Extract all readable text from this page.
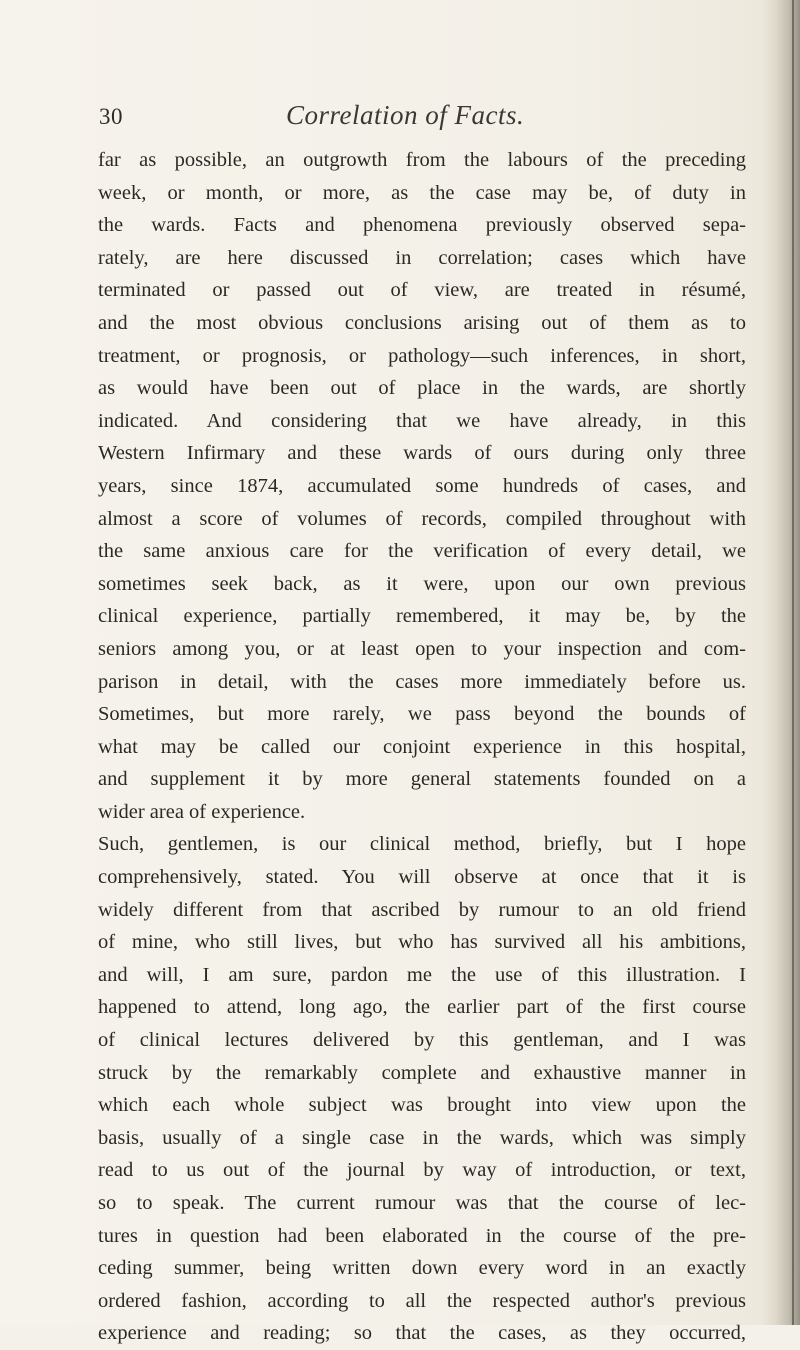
30	Correlation of Facts.
far as possible, an outgrowth from the labours of the preceding
week, or month, or more, as the case may be, of duty in
the wards. Facts and phenomena previously observed sepa-
rately, are here discussed in correlation; cases which have
terminated or passed out of view, are treated in résumé,
and the most obvious conclusions arising out of them as to
treatment, or prognosis, or pathology—such inferences, in short,
as would have been out of place in the wards, are shortly
indicated. And considering that we have already, in this
Western Infirmary and these wards of ours during only three
years, since 1874, accumulated some hundreds of cases, and
almost a score of volumes of records, compiled throughout with
the same anxious care for the verification of every detail, we
sometimes seek back, as it were, upon our own previous
clinical experience, partially remembered, it may be, by the
seniors among you, or at least open to your inspection and com-
parison in detail, with the cases more immediately before us.
Sometimes, but more rarely, we pass beyond the bounds of
what may be called our conjoint experience in this hospital,
and supplement it by more general statements founded on a
wider area of experience.
Such, gentlemen, is our clinical method, briefly, but I hope
comprehensively, stated. You will observe at once that it is
widely different from that ascribed by rumour to an old friend
of mine, who still lives, but who has survived all his ambitions,
and will, I am sure, pardon me the use of this illustration. I
happened to attend, long ago, the earlier part of the first course
of clinical lectures delivered by this gentleman, and I was
struck by the remarkably complete and exhaustive manner in
which each whole subject was brought into view upon the
basis, usually of a single case in the wards, which was simply
read to us out of the journal by way of introduction, or text,
so to speak. The current rumour was that the course of lec-
tures in question had been elaborated in the course of the pre-
ceding summer, being written down every word in an exactly
ordered fashion, according to all the respected author's previous
experience and reading; so that the cases, as they occurred,
